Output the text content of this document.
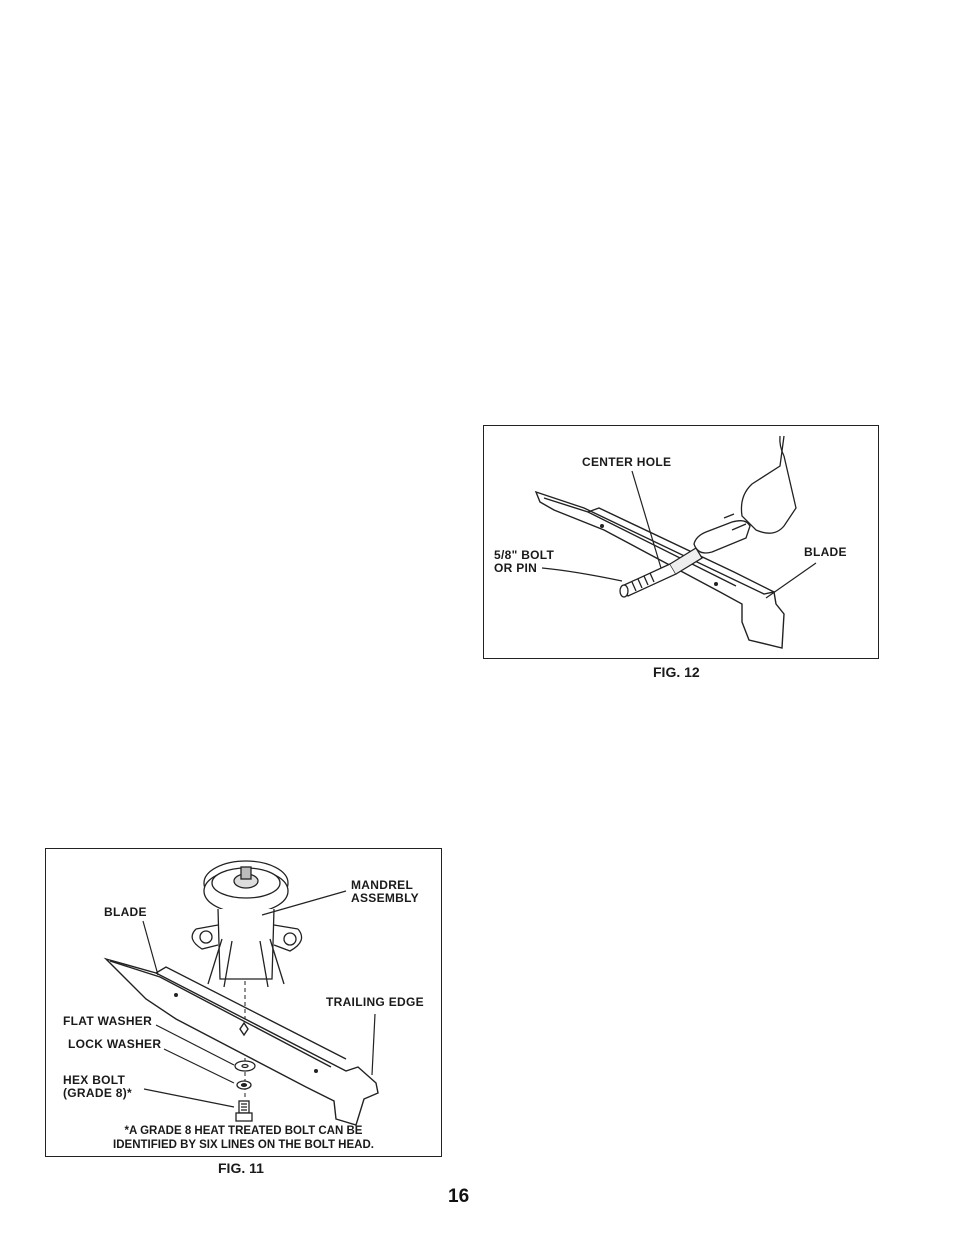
CENTER HOLE
5/8" BOLT
OR PIN
BLADE
FIG. 12
BLADE
MANDREL
ASSEMBLY
TRAILING EDGE
FLAT WASHER
LOCK WASHER
HEX BOLT
(GRADE 8)*
*A GRADE 8 HEAT TREATED BOLT CAN BE
IDENTIFIED BY SIX LINES ON THE BOLT HEAD.
FIG. 11
16
